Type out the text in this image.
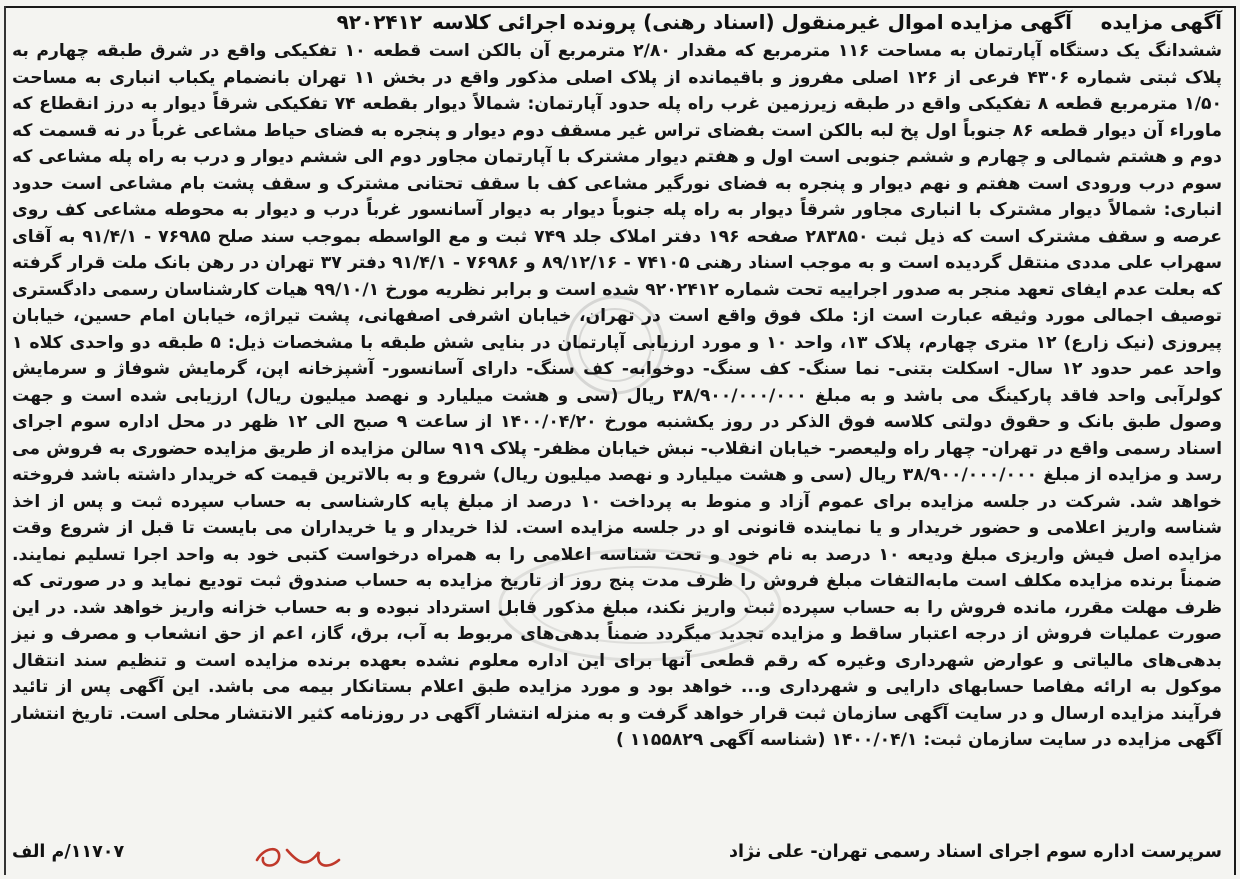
آگهی مزایده
آگهی مزایده اموال غیرمنقول (اسناد رهنی) پرونده اجرائی کلاسه
۹۲۰۲۴۱۲

ششدانگ یک دستگاه آپارتمان به مساحت ۱۱۶ مترمربع که مقدار ۲/۸۰ مترمربع آن بالکن است قطعه ۱۰ تفکیکی واقع در شرق طبقه چهارم به پلاک ثبتی شماره ۴۳۰۶ فرعی از ۱۲۶ اصلی مفروز و باقیمانده از پلاک اصلی مذکور واقع در بخش ۱۱ تهران بانضمام یکباب انباری به مساحت ۱/۵۰ مترمربع قطعه ۸ تفکیکی واقع در طبقه زیرزمین غرب راه پله حدود آپارتمان: شمالاً دیوار بقطعه ۷۴ تفکیکی شرقاً دیوار به درز انقطاع که ماوراء آن دیوار قطعه ۸۶ جنوباً اول پخ لبه بالکن است بفضای تراس غیر مسقف دوم دیوار و پنجره به فضای حیاط مشاعی غرباً در نه قسمت که دوم و هشتم شمالی و چهارم و ششم جنوبی است اول و هفتم دیوار مشترک با آپارتمان مجاور دوم الی ششم دیوار و درب به راه پله مشاعی که سوم درب ورودی است هفتم و نهم دیوار و پنجره به فضای نورگیر مشاعی کف با سقف تحتانی مشترک و سقف پشت بام مشاعی است حدود انباری: شمالاً دیوار مشترک با انباری مجاور شرقاً دیوار به راه پله جنوباً دیوار به دیوار آسانسور غرباً درب و دیوار به محوطه مشاعی کف روی عرصه و سقف مشترک است که ذیل ثبت ۲۸۳۸۵۰ صفحه ۱۹۶ دفتر املاک جلد ۷۴۹ ثبت و مع الواسطه بموجب سند صلح ۷۶۹۸۵ - ۹۱/۴/۱ به آقای سهراب علی مددی منتقل گردیده است و به موجب اسناد رهنی ۷۴۱۰۵ - ۸۹/۱۲/۱۶ و ۷۶۹۸۶ - ۹۱/۴/۱ دفتر ۳۷ تهران در رهن بانک ملت قرار گرفته که بعلت عدم ایفای تعهد منجر به صدور اجراییه تحت شماره ۹۲۰۲۴۱۲ شده است و برابر نظریه مورخ ۹۹/۱۰/۱ هیات کارشناسان رسمی دادگستری توصیف اجمالی مورد وثیقه عبارت است از: ملک فوق واقع است در تهران، خیابان اشرفی اصفهانی، پشت تیراژه، خیابان امام حسین، خیابان پیروزی (نیک زارع) ۱۲ متری چهارم، پلاک ۱۳، واحد ۱۰ و مورد ارزیابی آپارتمان در بنایی شش طبقه با مشخصات ذیل: ۵ طبقه دو واحدی کلاه ۱ واحد عمر حدود ۱۲ سال- اسکلت بتنی- نما سنگ- کف سنگ- دوخوابه- کف سنگ- دارای آسانسور- آشپزخانه اپن، گرمایش شوفاژ و سرمایش کولرآبی واحد فاقد پارکینگ می باشد و به مبلغ ۳۸/۹۰۰/۰۰۰/۰۰۰ ریال (سی و هشت میلیارد و نهصد میلیون ریال) ارزیابی شده است و جهت وصول طبق بانک و حقوق دولتی کلاسه فوق الذکر در روز یکشنبه مورخ ۱۴۰۰/۰۴/۲۰ از ساعت ۹ صبح الی ۱۲ ظهر در محل اداره سوم اجرای اسناد رسمی واقع در تهران- چهار راه ولیعصر- خیابان انقلاب- نبش خیابان مظفر- پلاک ۹۱۹ سالن مزایده از طریق مزایده حضوری به فروش می رسد و مزایده از مبلغ ۳۸/۹۰۰/۰۰۰/۰۰۰ ریال (سی و هشت میلیارد و نهصد میلیون ریال) شروع و به بالاترین قیمت که خریدار داشته باشد فروخته خواهد شد. شرکت در جلسه مزایده برای عموم آزاد و منوط به پرداخت ۱۰ درصد از مبلغ پایه کارشناسی به حساب سپرده ثبت و پس از اخذ شناسه واریز اعلامی و حضور خریدار و یا نماینده قانونی او در جلسه مزایده است. لذا خریدار و یا خریداران می بایست تا قبل از شروع وقت مزایده اصل فیش واریزی مبلغ ودیعه ۱۰ درصد به نام خود و تحت شناسه اعلامی را به همراه درخواست کتبی خود به واحد اجرا تسلیم نمایند. ضمناً برنده مزایده مکلف است مابه‌التفات مبلغ فروش را ظرف مدت پنج روز از تاریخ مزایده به حساب صندوق ثبت تودیع نماید و در صورتی که ظرف مهلت مقرر، مانده فروش را به حساب سپرده ثبت واریز نکند، مبلغ مذکور قابل استرداد نبوده و به حساب خزانه واریز خواهد شد. در این صورت عملیات فروش از درجه اعتبار ساقط و مزایده تجدید میگردد ضمناً بدهی‌های مربوط به آب، برق، گاز، اعم از حق انشعاب و مصرف و نیز بدهی‌های مالیاتی و عوارض شهرداری وغیره که رقم قطعی آنها برای این اداره معلوم نشده بعهده برنده مزایده است و تنظیم سند انتقال موکول به ارائه مفاصا حسابهای دارایی و شهرداری و... خواهد بود و مورد مزایده طبق اعلام بستانکار بیمه می باشد. این آگهی پس از تائید فرآیند مزایده ارسال و در سایت آگهی سازمان ثبت قرار خواهد گرفت و به منزله انتشار آگهی در روزنامه کثیر الانتشار محلی است. تاریخ انتشار آگهی مزایده در سایت سازمان ثبت: ۱۴۰۰/۰۴/۱ (شناسه آگهی ۱۱۵۵۸۲۹ )

سرپرست اداره سوم اجرای اسناد رسمی تهران- علی نژاد
۱۱۷۰۷/م الف
